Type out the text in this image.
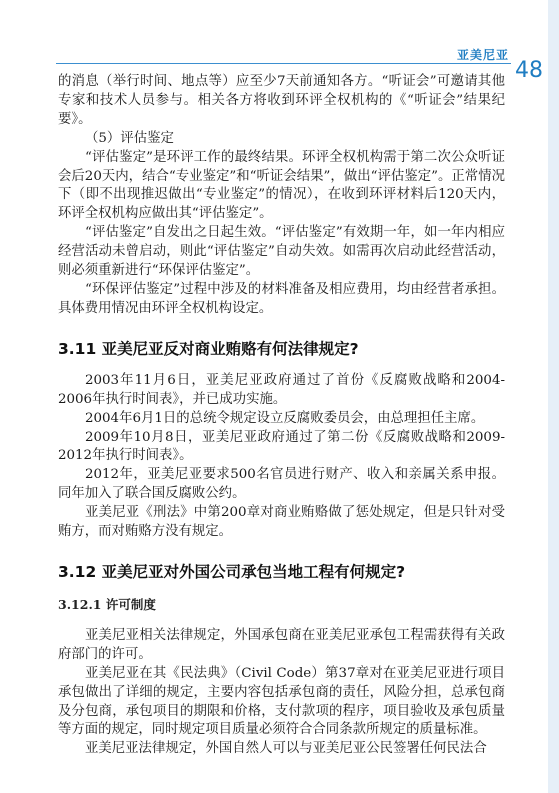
亚美尼亚
48

的消息（举行时间、地点等）应至少7天前通知各方。“听证会”可邀请其他专家和技术人员参与。相关各方将收到环评全权机构的《“听证会”结果纪要》。

（5）评估鉴定

“评估鉴定”是环评工作的最终结果。环评全权机构需于第二次公众听证会后20天内，结合“专业鉴定”和“听证会结果”，做出“评估鉴定”。正常情况下（即不出现推迟做出“专业鉴定”的情况），在收到环评材料后120天内，环评全权机构应做出其“评估鉴定”。

“评估鉴定”自发出之日起生效。“评估鉴定”有效期一年，如一年内相应经营活动未曾启动，则此“评估鉴定”自动失效。如需再次启动此经营活动，则必须重新进行“环保评估鉴定”。

“环保评估鉴定”过程中涉及的材料准备及相应费用，均由经营者承担。具体费用情况由环评全权机构设定。

3.11 亚美尼亚反对商业贿赂有何法律规定?

2003年11月6日，亚美尼亚政府通过了首份《反腐败战略和2004-2006年执行时间表》，并已成功实施。

2004年6月1日的总统令规定设立反腐败委员会，由总理担任主席。

2009年10月8日，亚美尼亚政府通过了第二份《反腐败战略和2009-2012年执行时间表》。

2012年，亚美尼亚要求500名官员进行财产、收入和亲属关系申报。同年加入了联合国反腐败公约。

亚美尼亚《刑法》中第200章对商业贿赂做了惩处规定，但是只针对受贿方，而对贿赂方没有规定。

3.12 亚美尼亚对外国公司承包当地工程有何规定?
3.12.1 许可制度

亚美尼亚相关法律规定，外国承包商在亚美尼亚承包工程需获得有关政府部门的许可。

亚美尼亚在其《民法典》（Civil Code）第37章对在亚美尼亚进行项目承包做出了详细的规定，主要内容包括承包商的责任，风险分担，总承包商及分包商，承包项目的期限和价格，支付款项的程序，项目验收及承包质量等方面的规定，同时规定项目质量必须符合合同条款所规定的质量标准。

亚美尼亚法律规定，外国自然人可以与亚美尼亚公民签署任何民法合
